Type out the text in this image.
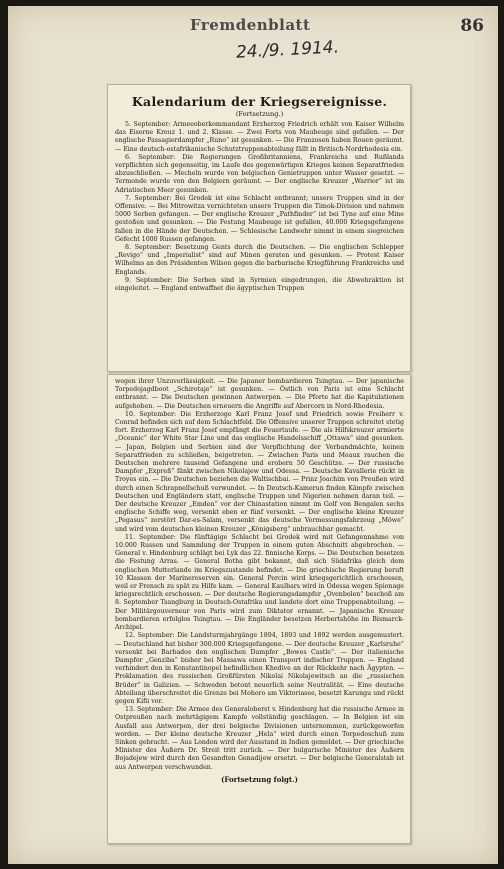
Fremdenblatt	86
24./9. 1914.
Kalendarium der Kriegsereignisse.
(Fortsetzung.)

5. September: Armeeoberkommandant Erzherzog Friedrich erhält von Kaiser Wilhelm das Eiserne Kreuz 1. und 2. Klasse. — Zwei Forts von Maubeuge sind gefallen. — Der englische Passagierdampfer „Runo“ ist gesunken. — Die Franzosen haben Rouen geräumt. — Eine deutsch-ostafrikanische Schutztruppenabteilung fällt in Britisch-Nordrhodesia ein.

6. September: Die Regierungen Großbritanniens, Frankreichs und Rußlands verpflichten sich gegenseitig, im Laufe des gegenwärtigen Krieges keinen Separatfrieden abzuschließen. — Mecheln wurde von belgischen Genietruppen unter Wasser gesetzt. — Termonde wurde von den Belgiern geräumt. — Der englische Kreuzer „Warrior“ ist im Adriatischen Meer gesunken.

7. September: Bei Grodek ist eine Schlacht entbrannt; unsere Truppen sind in der Offensive. — Bei Mitrowitza vernichteten unsere Truppen die Timok-Division und nahmen 5000 Serben gefangen. — Der englische Kreuzer „Pathfinder“ ist bei Tyne auf eine Mine gestoßen und gesunken. — Die Festung Maubeuge ist gefallen, 40.000 Kriegsgefangene fallen in die Hände der Deutschen. — Schlesische Landwehr nimmt in einem siegreichen Gefecht 1000 Russen gefangen.

8. September: Besetzung Gents durch die Deutschen. — Die englischen Schlepper „Revigo“ und „Imperialist“ sind auf Minen geraten und gesunken. — Protest Kaiser Wilhelms an den Präsidenten Wilson gegen die barbarische Kriegführung Frankreichs und Englands.

9. September: Die Serben sind in Syrmien eingedrungen, die Abwehraktion ist eingeleitet. — England entwaffnet die ägyptischen Truppen

wegen ihrer Unzuverlässigkeit. — Die Japaner bombardieren Tsingtau. — Der japanische Torpedojagdboot „Schirotaje“ ist gesunken. — Östlich von Paris ist eine Schlacht entbrannt. — Die Deutschen gewinnen Antwerpen. — Die Pforte hat die Kapitulationen aufgehoben. — Die Deutschen erneuern die Angriffe auf Abercorn in Nord-Rhodesia.

10. September: Die Erzherzoge Karl Franz Josef und Friedrich sowie Freiherr v. Conrad befinden sich auf dem Schlachtfeld. Die Offensive unserer Truppen schreitet stetig fort. Erzherzog Karl Franz Josef empfängt die Feuertaufe. — Die als Hilfskreuzer armierte „Oceanic“ der White Star Line und das englische Handelsschiff „Ottawa“ sind gesunken. — Japan, Belgien und Serbien sind der Verpflichtung der Verbandmächte, keinen Separatfrieden zu schließen, beigetreten. — Zwischen Paris und Meaux rauchen die Deutschen mehrere tausend Gefangene und erobern 50 Geschütze. — Der russische Dampfer „Expreß“ fänkt zwischen Nikolajew und Odessa. — Deutsche Kavallerie rückt in Troyes ein. — Die Deutschen beziehen die Waltischbai. — Prinz Joachim von Preußen wird durch einen Schrapnellschuß verwundet. — In Deutsch-Kamerun finden Kämpfe zwischen Deutschen und Engländern statt, englische Truppen und Nigerien nehmen daran teil. — Der deutsche Kreuzer „Emden“ vor der Chinastation nimmt im Golf von Bengalen sechs englische Schiffe weg, versenkt eben er fünf versenkt. — Der englische kleine Kreuzer „Pegasus“ zerstört Dar-es-Salam, versenkt das deutsche Vermessungsfahrzeug „Möwe“ und wird vom deutschen kleinen Kreuzer „Königsberg“ unbrauchbar gemacht.

11. September: Die fünftägige Schlacht bei Grodek wird mit Gefangennahme von 10.000 Russen und Sammlung der Truppen in einem guten Abschnitt abgebrochen. — General v. Hindenburg schlägt bei Lyk das 22. finnische Korps. — Die Deutschen besetzen die Festung Arras. — General Botha gibt bekannt, daß sich Südafrika gleich dem englischen Mutterlande im Kriegszustande befindet. — Die griechische Regierung beruft 10 Klassen der Marinereserven ein. General Percin wird kriegsgerichtlich erschossen, weil er Frensch zu spät zu Hilfe kam. — General Kaulbars wird in Odessa wegen Spionage kriegsrechtlich erschossen. — Der deutsche Regierungsdampfer „Ovenbolen“ beschoß am 8. September Tsangburg in Deutsch-Ostafrika und landete dort eine Truppenabteilung. — Der Militärgouverneur von Paris wird zum Diktator ernannt. — Japanische Kreuzer bombardieren erfolglos Tsingtau. — Die Engländer besetzen Herbertshöhe im Bismarck-Archipel.

12. September: Die Landsturmjahrgänge 1894, 1893 und 1892 werden ausgemustert. — Deutschland hat bisher 300.000 Kriegsgefangene. — Der deutsche Kreuzer „Karlsruhe“ versenkt bei Barbados den englischen Dampfer „Bowes Castle“. — Der italienische Dampfer „Genziba“ bisher bei Massawa einen Transport indischer Truppen. — England verhindert den in Konstantinopel befindlichen Khedive an der Rückkehr nach Ägypten. — Proklamation des russischen Großfürsten Nikolai Nikolajewitsch an die „russischen Brüder“ in Galizien. — Schweden betont neuerlich seine Neutralität. — Eine deutsche Abteilung überschreitet die Grenze bei Mohoro am Viktoriasee, besetzt Karungu und rückt gegen Kifii vor.

13. September: Die Armee des Generaloberst v. Hindenburg hat die russische Armee in Ostpreußen nach mehrtägigem Kampfe vollständig geschlagen. — In Belgien ist ein Ausfall aus Antwerpen, der drei belgische Divisionen unternommen, zurückgeworfen worden. — Der kleine deutsche Kreuzer „Hela“ wird durch einen Torpedoschuß zum Sinken gebracht. — Aus London wird der Ausstand in Indien gemeldet. — Der griechische Minister des Äußern Dr. Streit tritt zurück. — Der bulgarische Minister des Äußern Bojadejew wird durch den Gesandten Genadijew ersetzt. — Der belgische Generalstab ist aus Antwerpen verschwunden.

(Fortsetzung folgt.)
